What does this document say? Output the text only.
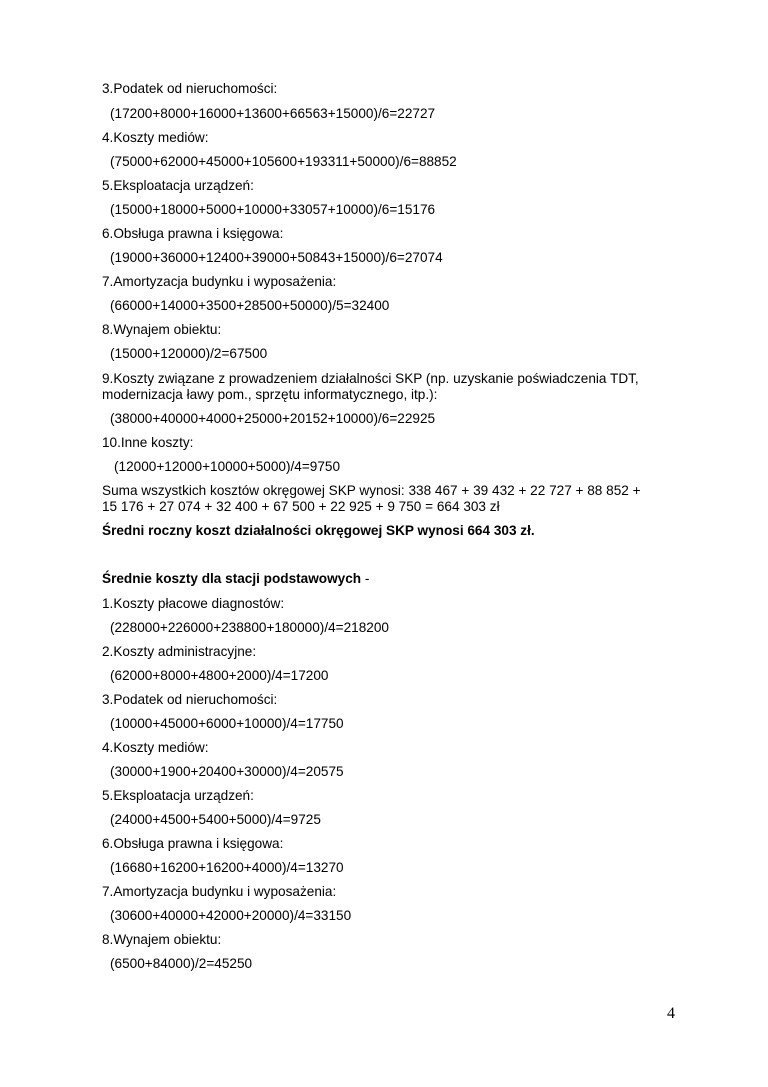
3.Podatek od nieruchomości:
(17200+8000+16000+13600+66563+15000)/6=22727
4.Koszty mediów:
(75000+62000+45000+105600+193311+50000)/6=88852
5.Eksploatacja urządzeń:
(15000+18000+5000+10000+33057+10000)/6=15176
6.Obsługa prawna i księgowa:
(19000+36000+12400+39000+50843+15000)/6=27074
7.Amortyzacja budynku i wyposażenia:
(66000+14000+3500+28500+50000)/5=32400
8.Wynajem obiektu:
(15000+120000)/2=67500
9.Koszty związane z prowadzeniem działalności SKP (np. uzyskanie poświadczenia TDT,
modernizacja ławy pom., sprzętu informatycznego, itp.):
(38000+40000+4000+25000+20152+10000)/6=22925
10.Inne koszty:
(12000+12000+10000+5000)/4=9750
Suma wszystkich kosztów okręgowej SKP wynosi: 338 467 + 39 432 + 22 727 + 88 852 +
15 176 + 27 074 + 32 400 + 67 500 + 22 925 + 9 750 = 664 303 zł
Średni roczny koszt działalności okręgowej SKP wynosi 664 303 zł.
Średnie koszty dla stacji podstawowych -
1.Koszty płacowe diagnostów:
(228000+226000+238800+180000)/4=218200
2.Koszty administracyjne:
(62000+8000+4800+2000)/4=17200
3.Podatek od nieruchomości:
(10000+45000+6000+10000)/4=17750
4.Koszty mediów:
(30000+1900+20400+30000)/4=20575
5.Eksploatacja urządzeń:
(24000+4500+5400+5000)/4=9725
6.Obsługa prawna i księgowa:
(16680+16200+16200+4000)/4=13270
7.Amortyzacja budynku i wyposażenia:
(30600+40000+42000+20000)/4=33150
8.Wynajem obiektu:
(6500+84000)/2=45250
4
